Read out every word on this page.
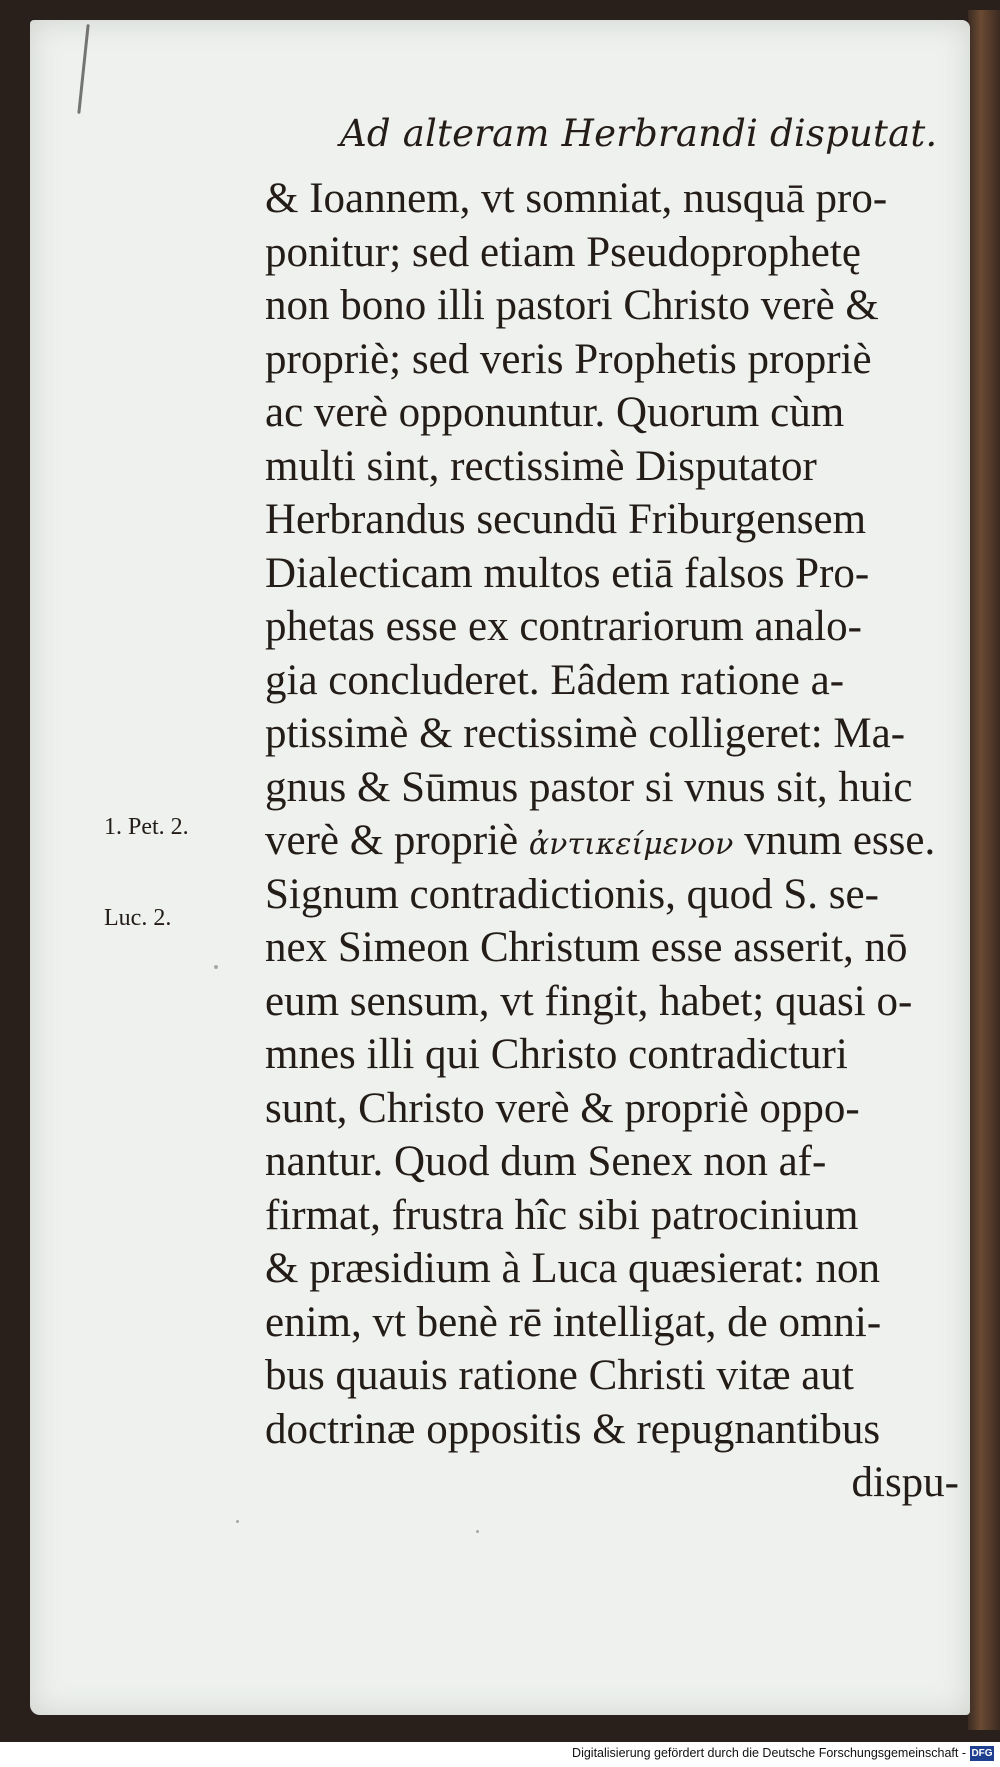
Ad alteram Herbrandi disputat.
& Ioannem, vt somniat, nusquā pro-
ponitur; sed etiam Pseudoprophetę
non bono illi pastori Christo verè &
propriè; sed veris Prophetis propriè
ac verè opponuntur. Quorum cùm
multi sint, rectissimè Disputator
Herbrandus secundū Friburgensem
Dialecticam multos etiā falsos Pro-
phetas esse ex contrariorum analo-
gia concluderet. Eâdem ratione a-
ptissimè & rectissimè colligeret: Ma-
gnus & Sūmus pastor si vnus sit, huic
verè & propriè ἀντικείμενον vnum esse.
Signum contradictionis, quod S. se-
nex Simeon Christum esse asserit, nō
eum sensum, vt fingit, habet; quasi o-
mnes illi qui Christo contradicturi
sunt, Christo verè & propriè oppo-
nantur. Quod dum Senex non af-
firmat, frustra hîc sibi patrocinium
& præsidium à Luca quæsierat: non
enim, vt benè rē intelligat, de omni-
bus quauis ratione Christi vitæ aut
doctrinæ oppositis & repugnantibus
dispu-
1. Pet. 2.
Luc. 2.
Digitalisierung gefördert durch die Deutsche Forschungsgemeinschaft - DFG
